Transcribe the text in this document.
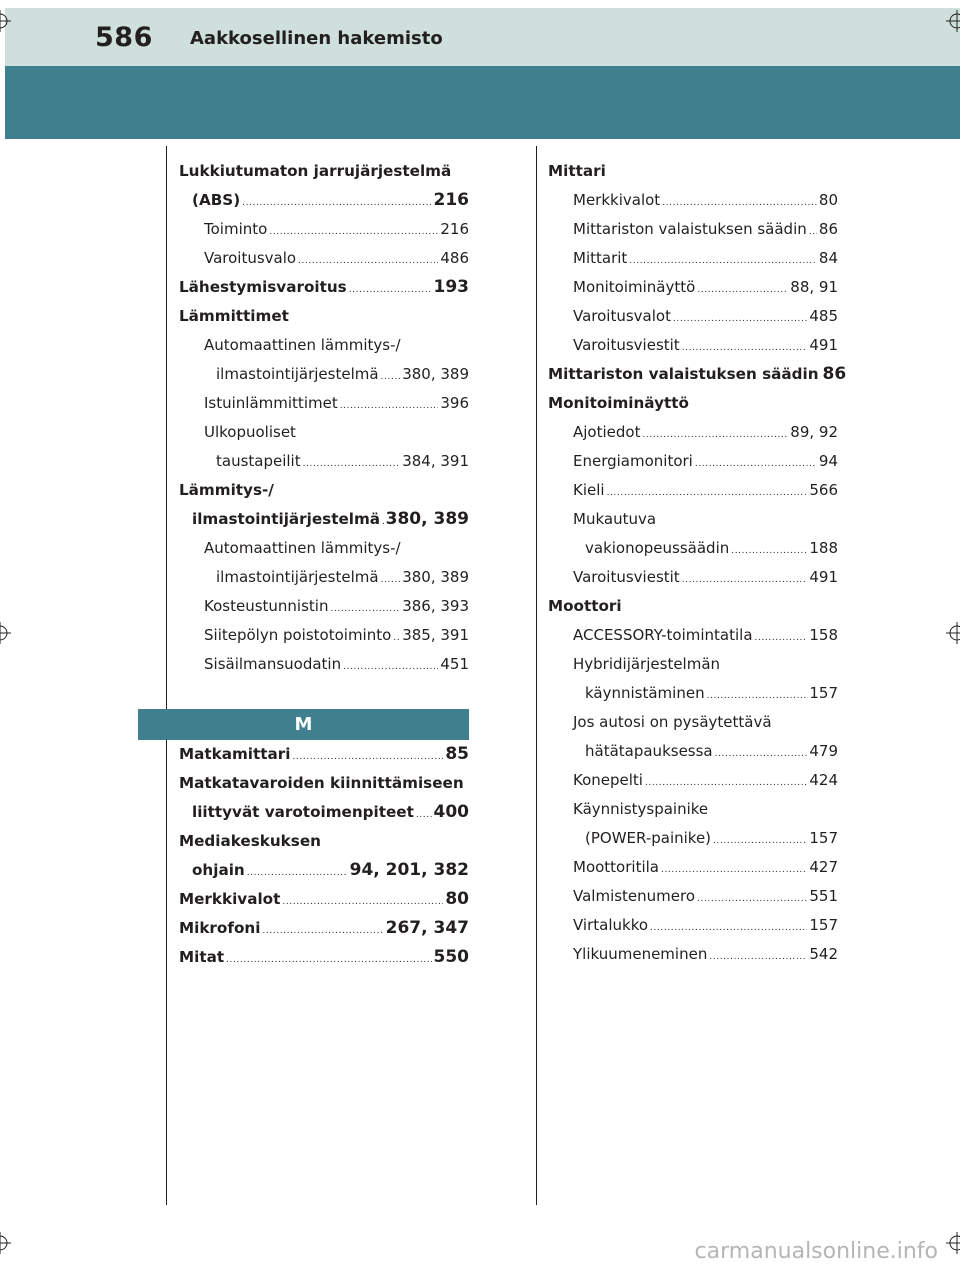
586 Aakkosellinen hakemisto
Lukkiutumaton jarrujärjestelmä
(ABS) .....	216
Toiminto .....	216
Varoitusvalo .....	486
Lähestymisvaroitus .....	193
Lämmittimet
Automaattinen lämmitys-/
ilmastointijärjestelmä ..... 380, 389
Istuinlämmittimet .....	396
Ulkopuoliset
taustapeilit .....	384, 391
Lämmitys-/
ilmastointijärjestelmä ..... 380, 389
Automaattinen lämmitys-/
ilmastointijärjestelmä ..... 380, 389
Kosteustunnistin .....	386, 393
Siitepölyn poistotoiminto ..... 385, 391
Sisäilmansuodatin .....	451
M
Matkamittari .....	85
Matkatavaroiden kiinnittämiseen
liittyvät varotoimenpiteet ..... 400
Mediakeskuksen
ohjain .....	94, 201, 382
Merkkivalot .....	80
Mikrofoni .....	267, 347
Mitat .....	550
Mittari
Merkkivalot .....	80
Mittariston valaistuksen säädin ..... 86
Mittarit .....	84
Monitoiminäyttö .....	88, 91
Varoitusvalot .....	485
Varoitusviestit .....	491
Mittariston valaistuksen säädin 86
Monitoiminäyttö
Ajotiedot .....	89, 92
Energiamonitori .....	94
Kieli .....	566
Mukautuva
vakionopeussäädin .....	188
Varoitusviestit .....	491
Moottori
ACCESSORY-toimintatila .....	158
Hybridijärjestelmän
käynnistäminen .....	157
Jos autosi on pysäytettävä
hätätapauksessa .....	479
Konepelti .....	424
Käynnistyspainike
(POWER-painike) .....	157
Moottoritila .....	427
Valmistenumero .....	551
Virtalukko .....	157
Ylikuumeneminen .....	542
carmanualsonline.info
